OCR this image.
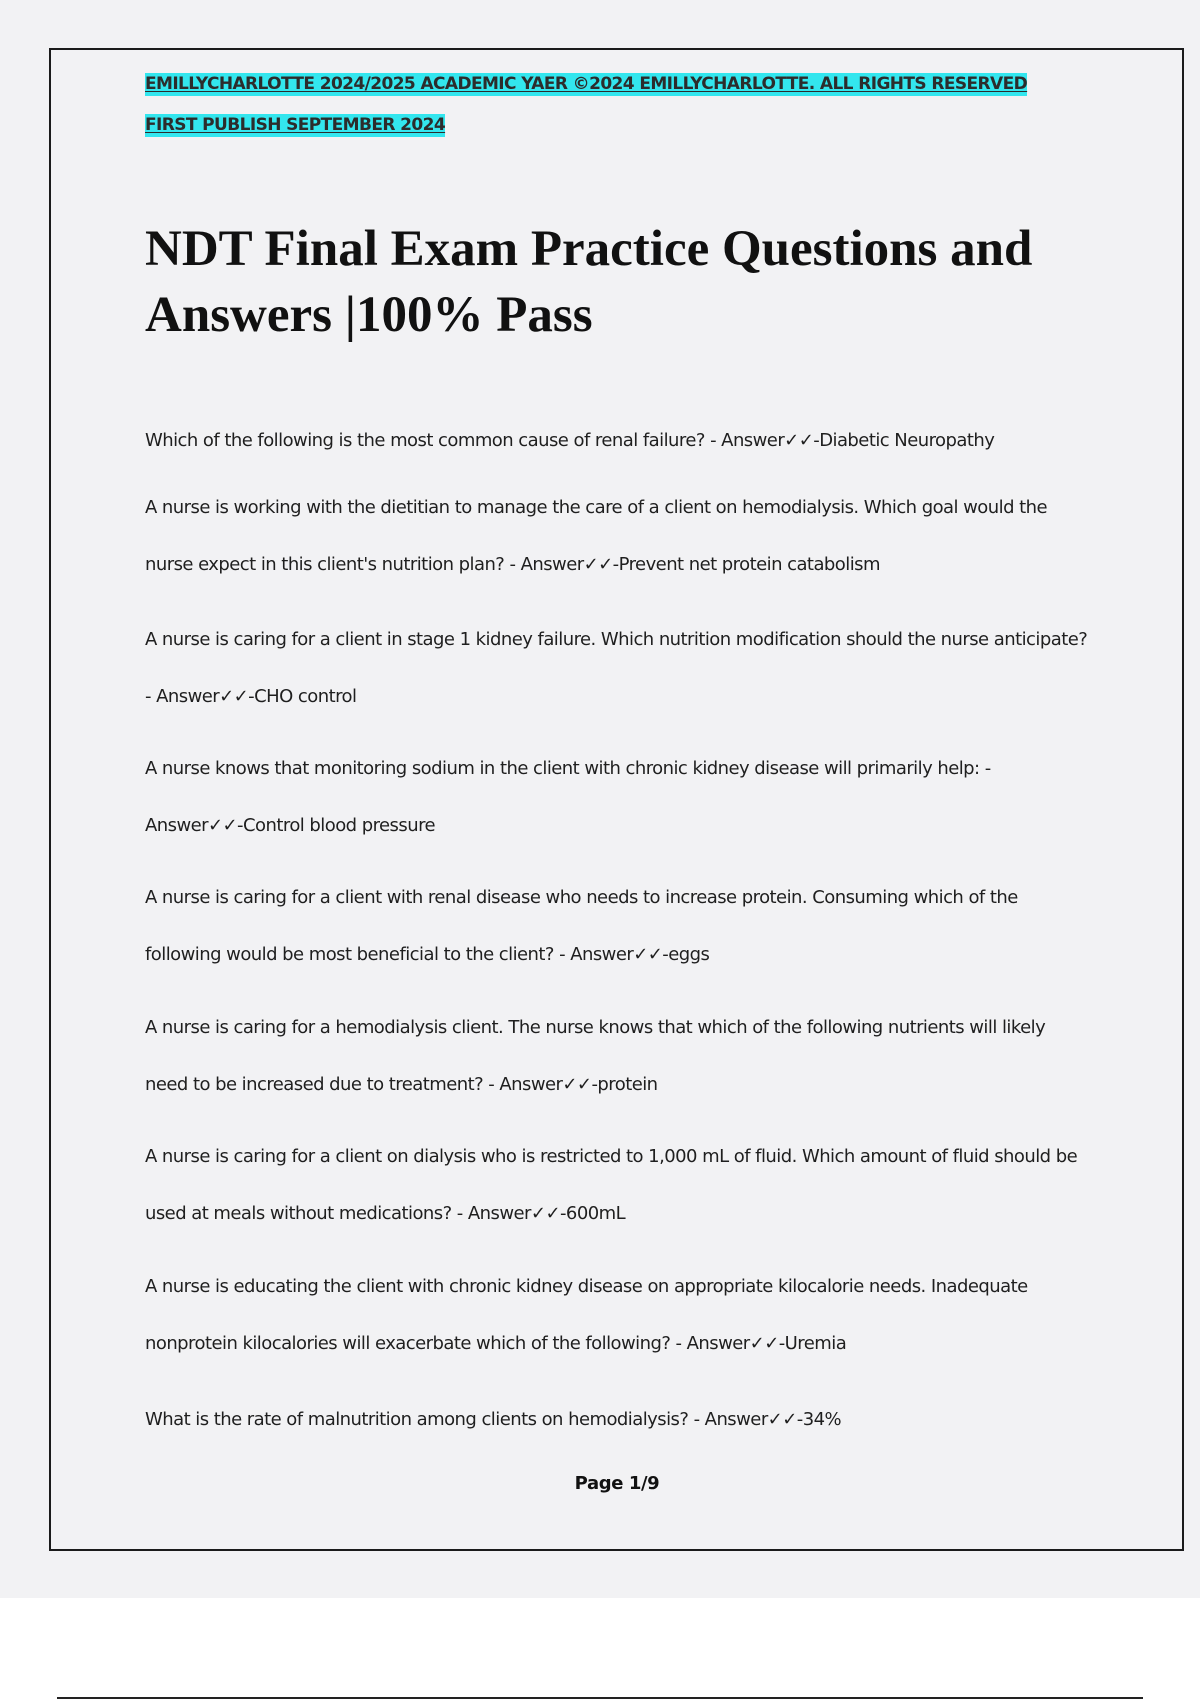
EMILLYCHARLOTTE 2024/2025 ACADEMIC YAER ©2024 EMILLYCHARLOTTE. ALL RIGHTS RESERVED
FIRST PUBLISH SEPTEMBER 2024
NDT Final Exam Practice Questions and Answers |100% Pass

Which of the following is the most common cause of renal failure? - Answer✓✓-Diabetic Neuropathy

A nurse is working with the dietitian to manage the care of a client on hemodialysis. Which goal would the nurse expect in this client's nutrition plan? - Answer✓✓-Prevent net protein catabolism

A nurse is caring for a client in stage 1 kidney failure. Which nutrition modification should the nurse anticipate? - Answer✓✓-CHO control

A nurse knows that monitoring sodium in the client with chronic kidney disease will primarily help: - Answer✓✓-Control blood pressure

A nurse is caring for a client with renal disease who needs to increase protein. Consuming which of the following would be most beneficial to the client? - Answer✓✓-eggs

A nurse is caring for a hemodialysis client. The nurse knows that which of the following nutrients will likely need to be increased due to treatment? - Answer✓✓-protein

A nurse is caring for a client on dialysis who is restricted to 1,000 mL of fluid. Which amount of fluid should be used at meals without medications? - Answer✓✓-600mL

A nurse is educating the client with chronic kidney disease on appropriate kilocalorie needs. Inadequate nonprotein kilocalories will exacerbate which of the following? - Answer✓✓-Uremia

What is the rate of malnutrition among clients on hemodialysis? - Answer✓✓-34%

Page 1/9
